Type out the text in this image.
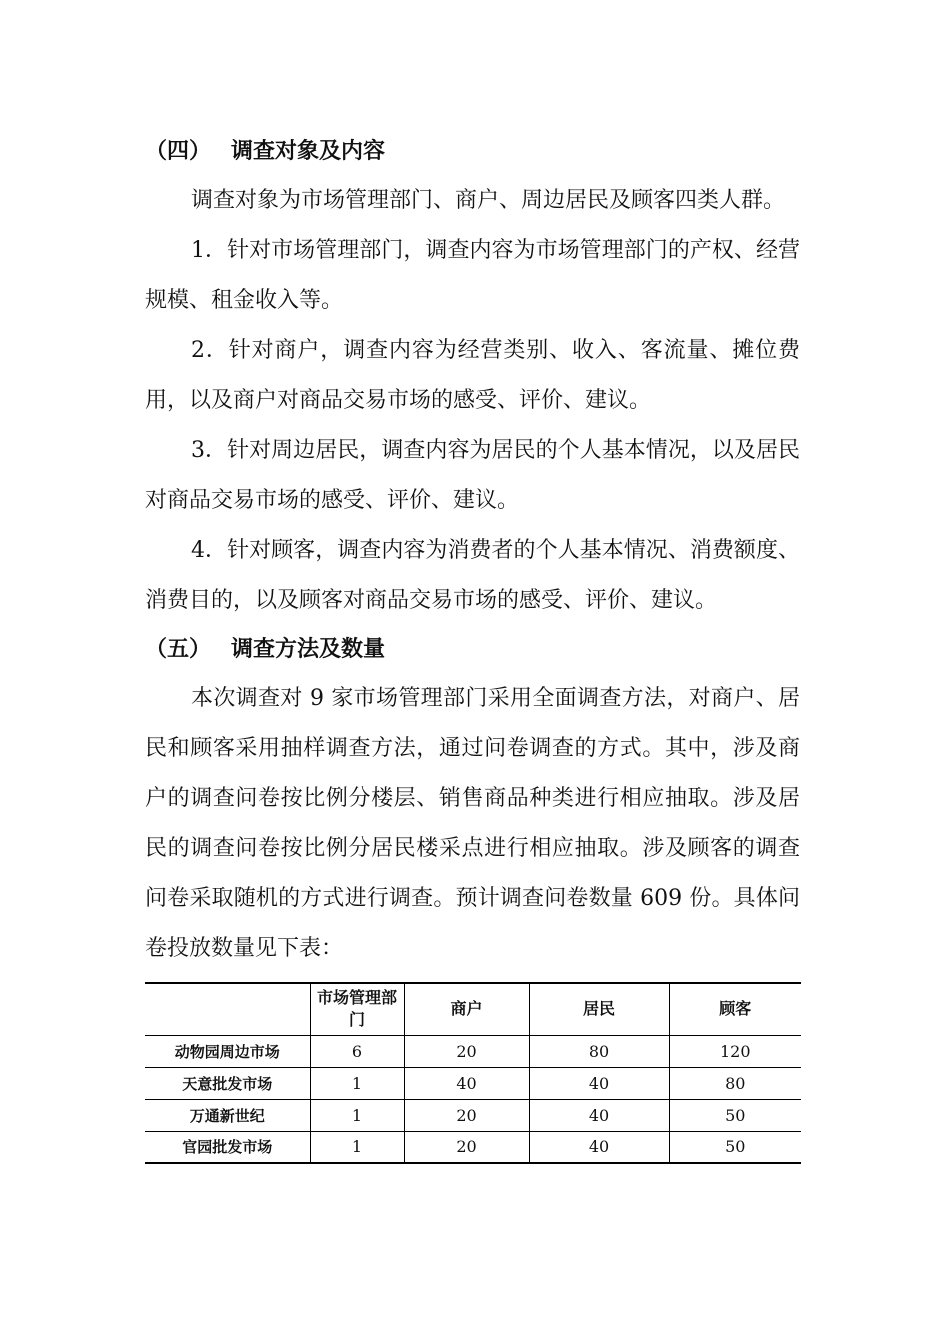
（四） 调查对象及内容

调查对象为市场管理部门、商户、周边居民及顾客四类人群。

1．针对市场管理部门，调查内容为市场管理部门的产权、经营规模、租金收入等。

2．针对商户，调查内容为经营类别、收入、客流量、摊位费用，以及商户对商品交易市场的感受、评价、建议。

3．针对周边居民，调查内容为居民的个人基本情况，以及居民对商品交易市场的感受、评价、建议。

4．针对顾客，调查内容为消费者的个人基本情况、消费额度、消费目的，以及顾客对商品交易市场的感受、评价、建议。

（五） 调查方法及数量

本次调查对 9 家市场管理部门采用全面调查方法，对商户、居民和顾客采用抽样调查方法，通过问卷调查的方式。其中，涉及商户的调查问卷按比例分楼层、销售商品种类进行相应抽取。涉及居民的调查问卷按比例分居民楼采点进行相应抽取。涉及顾客的调查问卷采取随机的方式进行调查。预计调查问卷数量 609 份。具体问卷投放数量见下表：

	市场管理部门	商户	居民	顾客
动物园周边市场	6	20	80	120
天意批发市场	1	40	40	80
万通新世纪	1	20	40	50
官园批发市场	1	20	40	50
